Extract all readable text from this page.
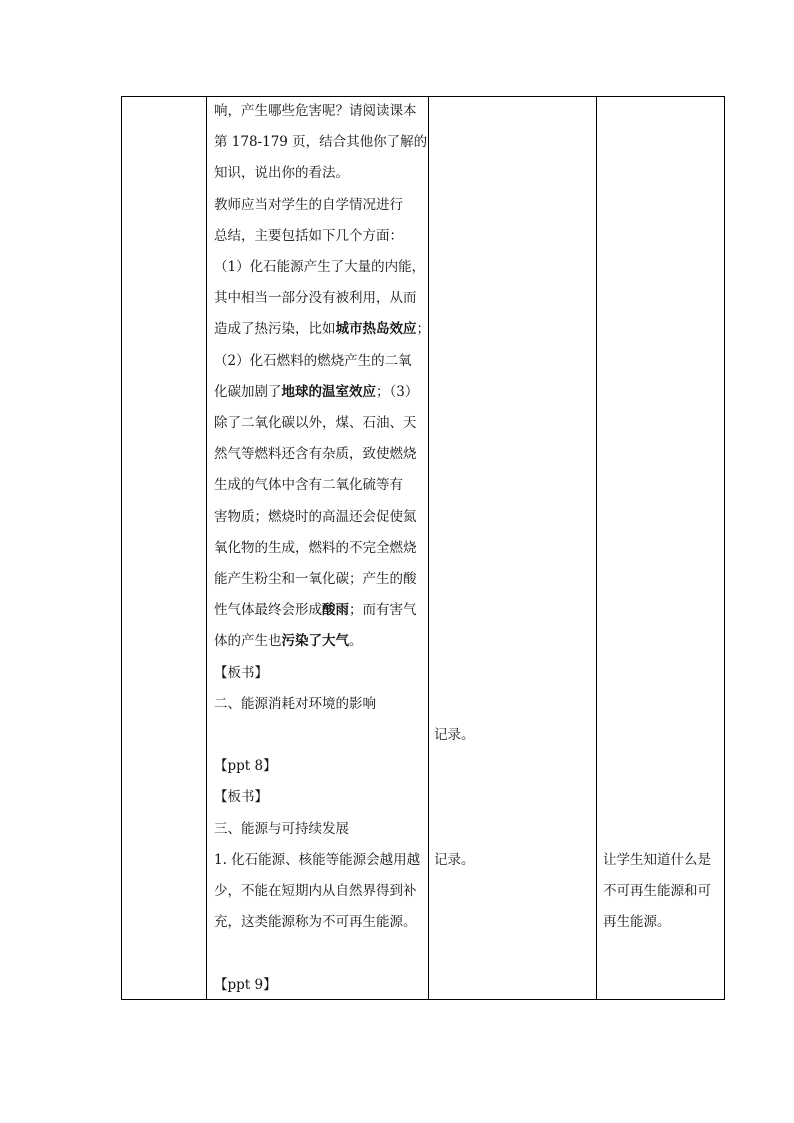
响，产生哪些危害呢？请阅读课本
第 178-179 页，结合其他你了解的
知识，说出你的看法。
教师应当对学生的自学情况进行
总结，主要包括如下几个方面：
（1）化石能源产生了大量的内能，
其中相当一部分没有被利用，从而
造成了热污染，比如城市热岛效应；
（2）化石燃料的燃烧产生的二氧
化碳加剧了地球的温室效应；（3）
除了二氧化碳以外，煤、石油、天
然气等燃料还含有杂质，致使燃烧
生成的气体中含有二氧化硫等有
害物质；燃烧时的高温还会促使氮
氧化物的生成，燃料的不完全燃烧
能产生粉尘和一氧化碳；产生的酸
性气体最终会形成酸雨；而有害气
体的产生也污染了大气。
【板书】
二、能源消耗对环境的影响

【ppt 8】
【板书】
三、能源与可持续发展
1. 化石能源、核能等能源会越用越
少，不能在短期内从自然界得到补
充，这类能源称为不可再生能源。

【ppt 9】
记录。
记录。	让学生知道什么是
不可再生能源和可
再生能源。
